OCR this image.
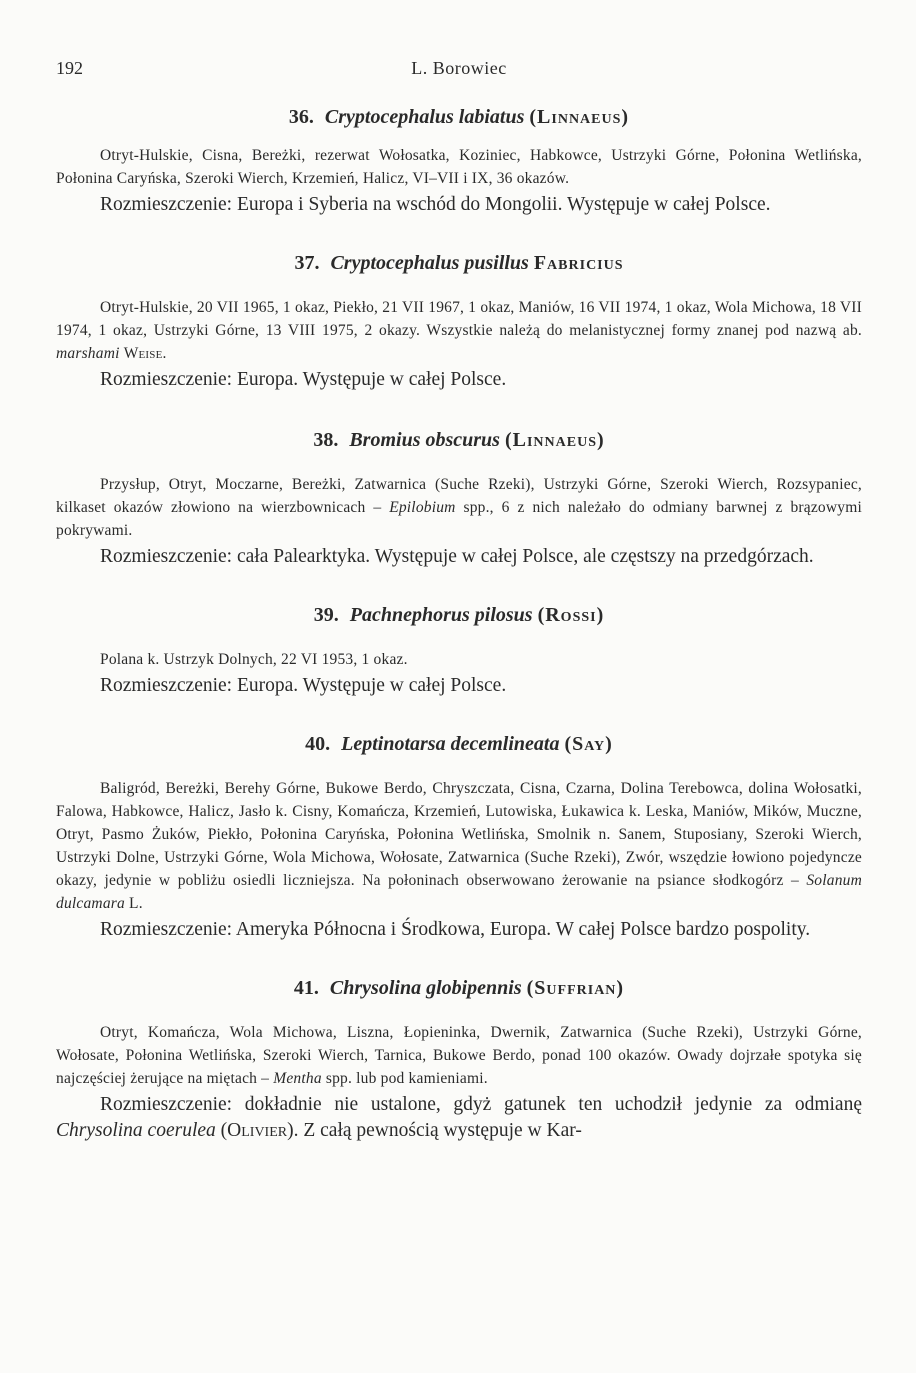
192	L. Borowiec
36. Cryptocephalus labiatus (Linnaeus)

Otryt-Hulskie, Cisna, Bereżki, rezerwat Wołosatka, Koziniec, Habkowce, Ustrzyki Górne, Połonina Wetlińska, Połonina Caryńska, Szeroki Wierch, Krzemień, Halicz, VI–VII i IX, 36 okazów.

Rozmieszczenie: Europa i Syberia na wschód do Mongolii. Występuje w całej Polsce.

37. Cryptocephalus pusillus Fabricius

Otryt-Hulskie, 20 VII 1965, 1 okaz, Piekło, 21 VII 1967, 1 okaz, Maniów, 16 VII 1974, 1 okaz, Wola Michowa, 18 VII 1974, 1 okaz, Ustrzyki Górne, 13 VIII 1975, 2 okazy. Wszystkie należą do melanistycznej formy znanej pod nazwą ab. marshami Weise.

Rozmieszczenie: Europa. Występuje w całej Polsce.

38. Bromius obscurus (Linnaeus)

Przysłup, Otryt, Moczarne, Bereżki, Zatwarnica (Suche Rzeki), Ustrzyki Górne, Szeroki Wierch, Rozsypaniec, kilkaset okazów złowiono na wierzbownicach – Epilobium spp., 6 z nich należało do odmiany barwnej z brązowymi pokrywami.

Rozmieszczenie: cała Palearktyka. Występuje w całej Polsce, ale częstszy na przedgórzach.

39. Pachnephorus pilosus (Rossi)

Polana k. Ustrzyk Dolnych, 22 VI 1953, 1 okaz.

Rozmieszczenie: Europa. Występuje w całej Polsce.

40. Leptinotarsa decemlineata (Say)

Baligród, Bereżki, Berehy Górne, Bukowe Berdo, Chryszczata, Cisna, Czarna, Dolina Terebowca, dolina Wołosatki, Falowa, Habkowce, Halicz, Jasło k. Cisny, Komańcza, Krzemień, Lutowiska, Łukawica k. Leska, Maniów, Mików, Muczne, Otryt, Pasmo Żuków, Piekło, Połonina Caryńska, Połonina Wetlińska, Smolnik n. Sanem, Stuposiany, Szeroki Wierch, Ustrzyki Dolne, Ustrzyki Górne, Wola Michowa, Wołosate, Zatwarnica (Suche Rzeki), Zwór, wszędzie łowiono pojedyncze okazy, jedynie w pobliżu osiedli liczniejsza. Na połoninach obserwowano żerowanie na psiance słodkogórz – Solanum dulcamara L.

Rozmieszczenie: Ameryka Północna i Środkowa, Europa. W całej Polsce bardzo pospolity.

41. Chrysolina globipennis (Suffrian)

Otryt, Komańcza, Wola Michowa, Liszna, Łopieninka, Dwernik, Zatwarnica (Suche Rzeki), Ustrzyki Górne, Wołosate, Połonina Wetlińska, Szeroki Wierch, Tarnica, Bukowe Berdo, ponad 100 okazów. Owady dojrzałe spotyka się najczęściej żerujące na miętach – Mentha spp. lub pod kamieniami.

Rozmieszczenie: dokładnie nie ustalone, gdyż gatunek ten uchodził jedynie za odmianę Chrysolina coerulea (Olivier). Z całą pewnością występuje w Kar-
